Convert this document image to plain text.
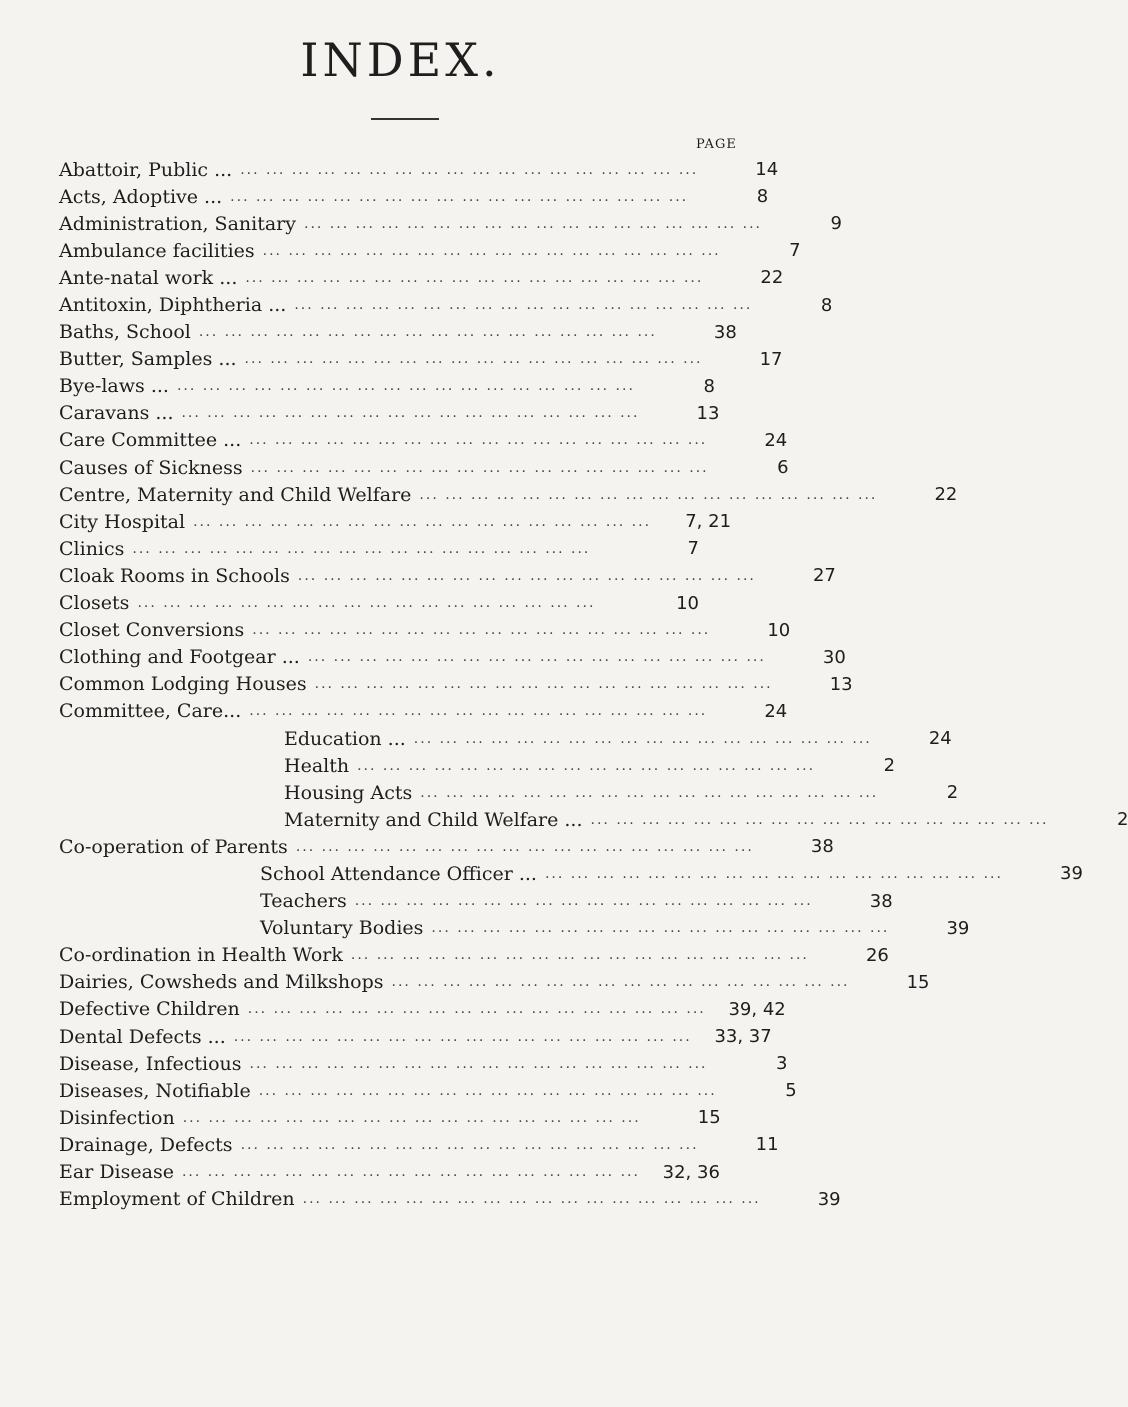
INDEX.
PAGE
Abattoir, Public ... ... ... ... ... ... ... ... ... ... ... ... ... ... ... ... ... ... ...	14
Acts, Adoptive ... ... ... ... ... ... ... ... ... ... ... ... ... ... ... ... ... ... ...	8
Administration, Sanitary ... ... ... ... ... ... ... ... ... ... ... ... ... ... ... ... ... ...	9
Ambulance facilities ... ... ... ... ... ... ... ... ... ... ... ... ... ... ... ... ... ...	7
Ante-natal work ... ... ... ... ... ... ... ... ... ... ... ... ... ... ... ... ... ... ...	22
Antitoxin, Diphtheria ... ... ... ... ... ... ... ... ... ... ... ... ... ... ... ... ... ... ...	8
Baths, School ... ... ... ... ... ... ... ... ... ... ... ... ... ... ... ... ... ...	38
Butter, Samples ... ... ... ... ... ... ... ... ... ... ... ... ... ... ... ... ... ... ...	17
Bye-laws ... ... ... ... ... ... ... ... ... ... ... ... ... ... ... ... ... ... ...	8
Caravans ... ... ... ... ... ... ... ... ... ... ... ... ... ... ... ... ... ... ...	13
Care Committee ... ... ... ... ... ... ... ... ... ... ... ... ... ... ... ... ... ... ...	24
Causes of Sickness ... ... ... ... ... ... ... ... ... ... ... ... ... ... ... ... ... ...	6
Centre, Maternity and Child Welfare ... ... ... ... ... ... ... ... ... ... ... ... ... ... ... ... ... ...	22
City Hospital ... ... ... ... ... ... ... ... ... ... ... ... ... ... ... ... ... ...	7, 21
Clinics ... ... ... ... ... ... ... ... ... ... ... ... ... ... ... ... ... ...	7
Cloak Rooms in Schools ... ... ... ... ... ... ... ... ... ... ... ... ... ... ... ... ... ...	27
Closets ... ... ... ... ... ... ... ... ... ... ... ... ... ... ... ... ... ...	10
Closet Conversions ... ... ... ... ... ... ... ... ... ... ... ... ... ... ... ... ... ...	10
Clothing and Footgear ... ... ... ... ... ... ... ... ... ... ... ... ... ... ... ... ... ... ...	30
Common Lodging Houses ... ... ... ... ... ... ... ... ... ... ... ... ... ... ... ... ... ...	13
Committee, Care... ... ... ... ... ... ... ... ... ... ... ... ... ... ... ... ... ... ...	24
Education ... ... ... ... ... ... ... ... ... ... ... ... ... ... ... ... ... ... ...	24
Health ... ... ... ... ... ... ... ... ... ... ... ... ... ... ... ... ... ...	2
Housing Acts ... ... ... ... ... ... ... ... ... ... ... ... ... ... ... ... ... ...	2
Maternity and Child Welfare ... ... ... ... ... ... ... ... ... ... ... ... ... ... ... ... ... ... ...	2
Co-operation of Parents ... ... ... ... ... ... ... ... ... ... ... ... ... ... ... ... ... ...	38
School Attendance Officer ... ... ... ... ... ... ... ... ... ... ... ... ... ... ... ... ... ... ...	39
Teachers ... ... ... ... ... ... ... ... ... ... ... ... ... ... ... ... ... ...	38
Voluntary Bodies ... ... ... ... ... ... ... ... ... ... ... ... ... ... ... ... ... ...	39
Co-ordination in Health Work ... ... ... ... ... ... ... ... ... ... ... ... ... ... ... ... ... ...	26
Dairies, Cowsheds and Milkshops ... ... ... ... ... ... ... ... ... ... ... ... ... ... ... ... ... ...	15
Defective Children ... ... ... ... ... ... ... ... ... ... ... ... ... ... ... ... ... ...	39, 42
Dental Defects ... ... ... ... ... ... ... ... ... ... ... ... ... ... ... ... ... ... ...	33, 37
Disease, Infectious ... ... ... ... ... ... ... ... ... ... ... ... ... ... ... ... ... ...	3
Diseases, Notifiable ... ... ... ... ... ... ... ... ... ... ... ... ... ... ... ... ... ...	5
Disinfection ... ... ... ... ... ... ... ... ... ... ... ... ... ... ... ... ... ...	15
Drainage, Defects ... ... ... ... ... ... ... ... ... ... ... ... ... ... ... ... ... ...	11
Ear Disease ... ... ... ... ... ... ... ... ... ... ... ... ... ... ... ... ... ...	32, 36
Employment of Children ... ... ... ... ... ... ... ... ... ... ... ... ... ... ... ... ... ...	39
